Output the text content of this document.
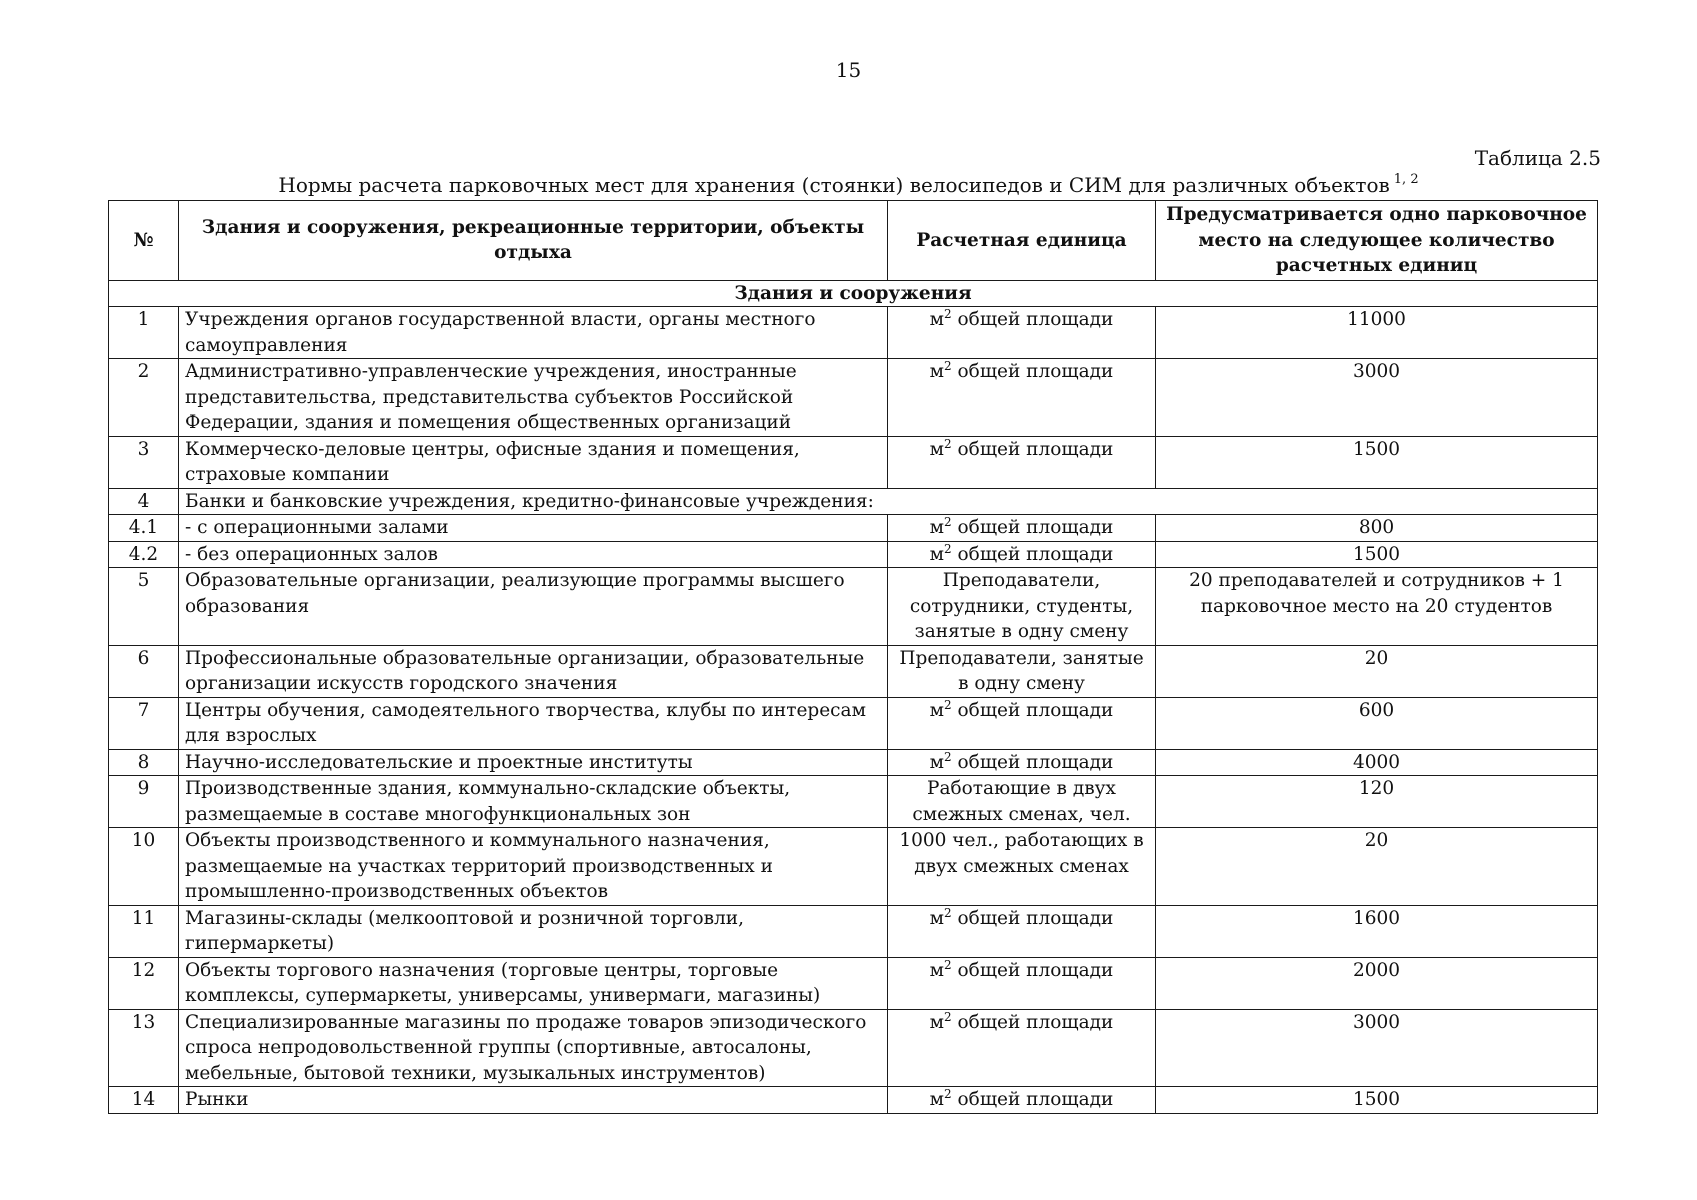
15
Таблица 2.5
Нормы расчета парковочных мест для хранения (стоянки) велосипедов и СИМ для различных объектов $^{1, 2}$
№	Здания и сооружения, рекреационные территории, объекты отдыха	Расчетная единица	Предусматривается одно парковочное место на следующее количество расчетных единиц
Здания и сооружения			
1	Учреждения органов государственной власти, органы местного самоуправления	$м^2$ общей площади	11000
2	Административно-управленческие учреждения, иностранные представительства, представительства субъектов Российской Федерации, здания и помещения общественных организаций	$м^2$ общей площади	3000
3	Коммерческо-деловые центры, офисные здания и помещения, страховые компании	$м^2$ общей площади	1500
4	Банки и банковские учреждения, кредитно-финансовые учреждения:		
4.1	- с операционными залами	$м^2$ общей площади	800
4.2	- без операционных залов	$м^2$ общей площади	1500
5	Образовательные организации, реализующие программы высшего образования	Преподаватели, сотрудники, студенты, занятые в одну смену	20 преподавателей и сотрудников + 1 парковочное место на 20 студентов
6	Профессиональные образовательные организации, образовательные организации искусств городского значения	Преподаватели, занятые в одну смену	20
7	Центры обучения, самодеятельного творчества, клубы по интересам для взрослых	$м^2$ общей площади	600
8	Научно-исследовательские и проектные институты	$м^2$ общей площади	4000
9	Производственные здания, коммунально-складские объекты, размещаемые в составе многофункциональных зон	Работающие в двух смежных сменах, чел.	120
10	Объекты производственного и коммунального назначения, размещаемые на участках территорий производственных и промышленно-производственных объектов	1000 чел., работающих в двух смежных сменах	20
11	Магазины-склады (мелкооптовой и розничной торговли, гипермаркеты)	$м^2$ общей площади	1600
12	Объекты торгового назначения (торговые центры, торговые комплексы, супермаркеты, универсамы, универмаги, магазины)	$м^2$ общей площади	2000
13	Специализированные магазины по продаже товаров эпизодического спроса непродовольственной группы (спортивные, автосалоны, мебельные, бытовой техники, музыкальных инструментов)	$м^2$ общей площади	3000
14	Рынки	$м^2$ общей площади	1500
